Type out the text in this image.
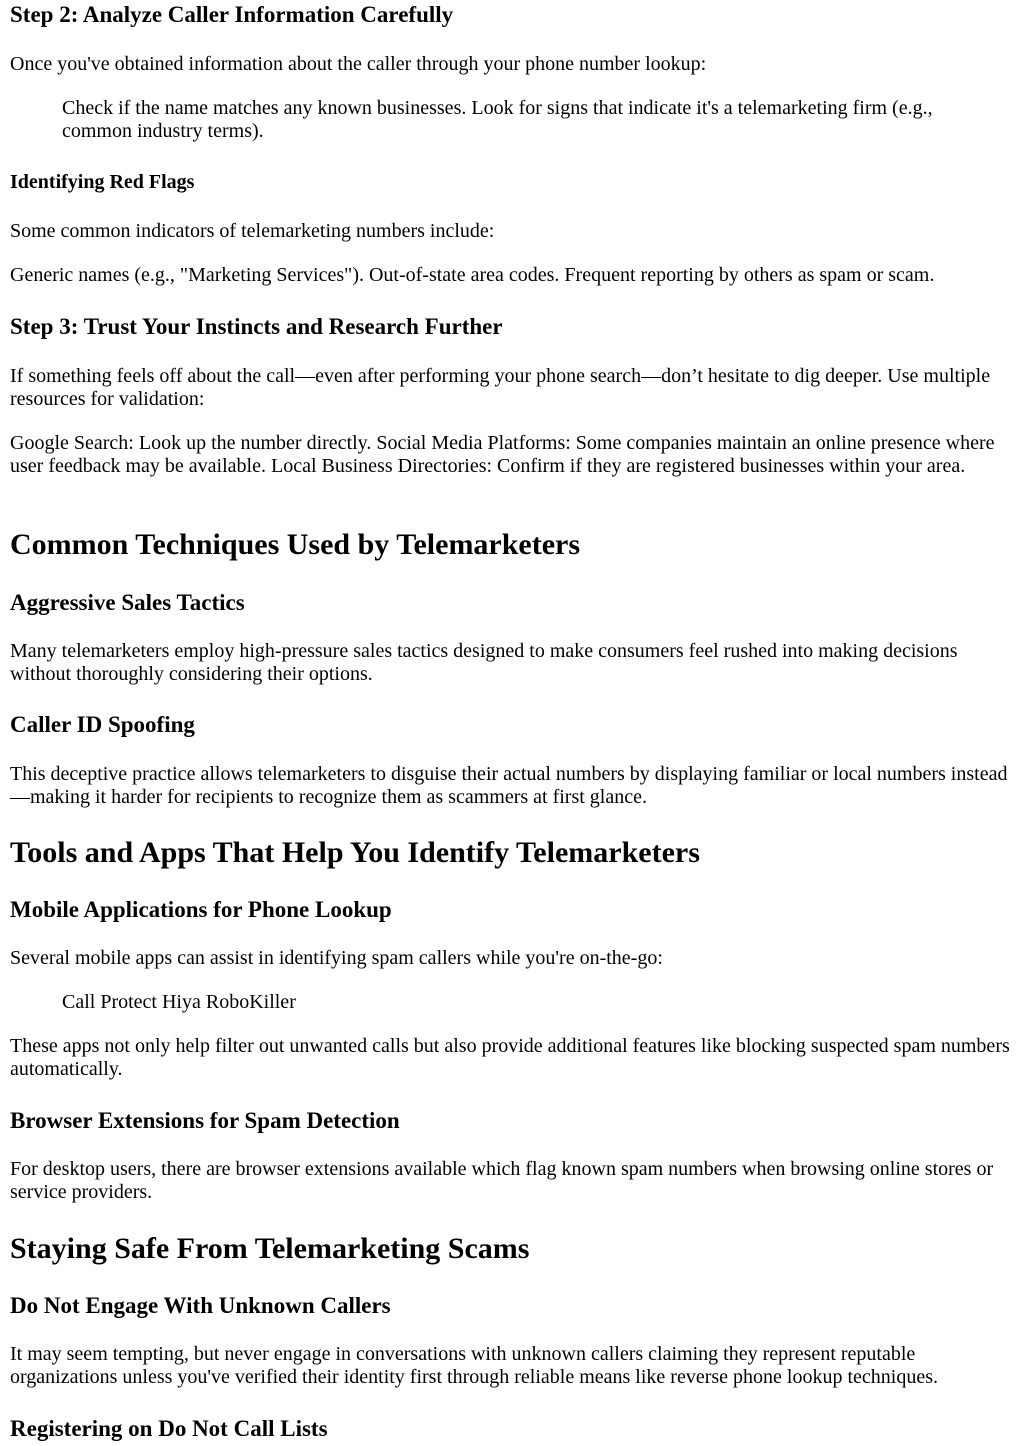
Step 2: Analyze Caller Information Carefully

Once you've obtained information about the caller through your phone number lookup:

Check if the name matches any known businesses. Look for signs that indicate it's a telemarketing firm (e.g., common industry terms).
Identifying Red Flags

Some common indicators of telemarketing numbers include:

Generic names (e.g., "Marketing Services"). Out-of-state area codes. Frequent reporting by others as spam or scam.

Step 3: Trust Your Instincts and Research Further

If something feels off about the call—even after performing your phone search—don’t hesitate to dig deeper. Use multiple resources for validation:

Google Search: Look up the number directly. Social Media Platforms: Some companies maintain an online presence where user feedback may be available. Local Business Directories: Confirm if they are registered businesses within your area.

Common Techniques Used by Telemarketers
Aggressive Sales Tactics

Many telemarketers employ high-pressure sales tactics designed to make consumers feel rushed into making decisions without thoroughly considering their options.

Caller ID Spoofing

This deceptive practice allows telemarketers to disguise their actual numbers by displaying familiar or local numbers instead—making it harder for recipients to recognize them as scammers at first glance.

Tools and Apps That Help You Identify Telemarketers
Mobile Applications for Phone Lookup

Several mobile apps can assist in identifying spam callers while you're on-the-go:

Call Protect Hiya RoboKiller

These apps not only help filter out unwanted calls but also provide additional features like blocking suspected spam numbers automatically.

Browser Extensions for Spam Detection

For desktop users, there are browser extensions available which flag known spam numbers when browsing online stores or service providers.

Staying Safe From Telemarketing Scams
Do Not Engage With Unknown Callers

It may seem tempting, but never engage in conversations with unknown callers claiming they represent reputable organizations unless you've verified their identity first through reliable means like reverse phone lookup techniques.

Registering on Do Not Call Lists
